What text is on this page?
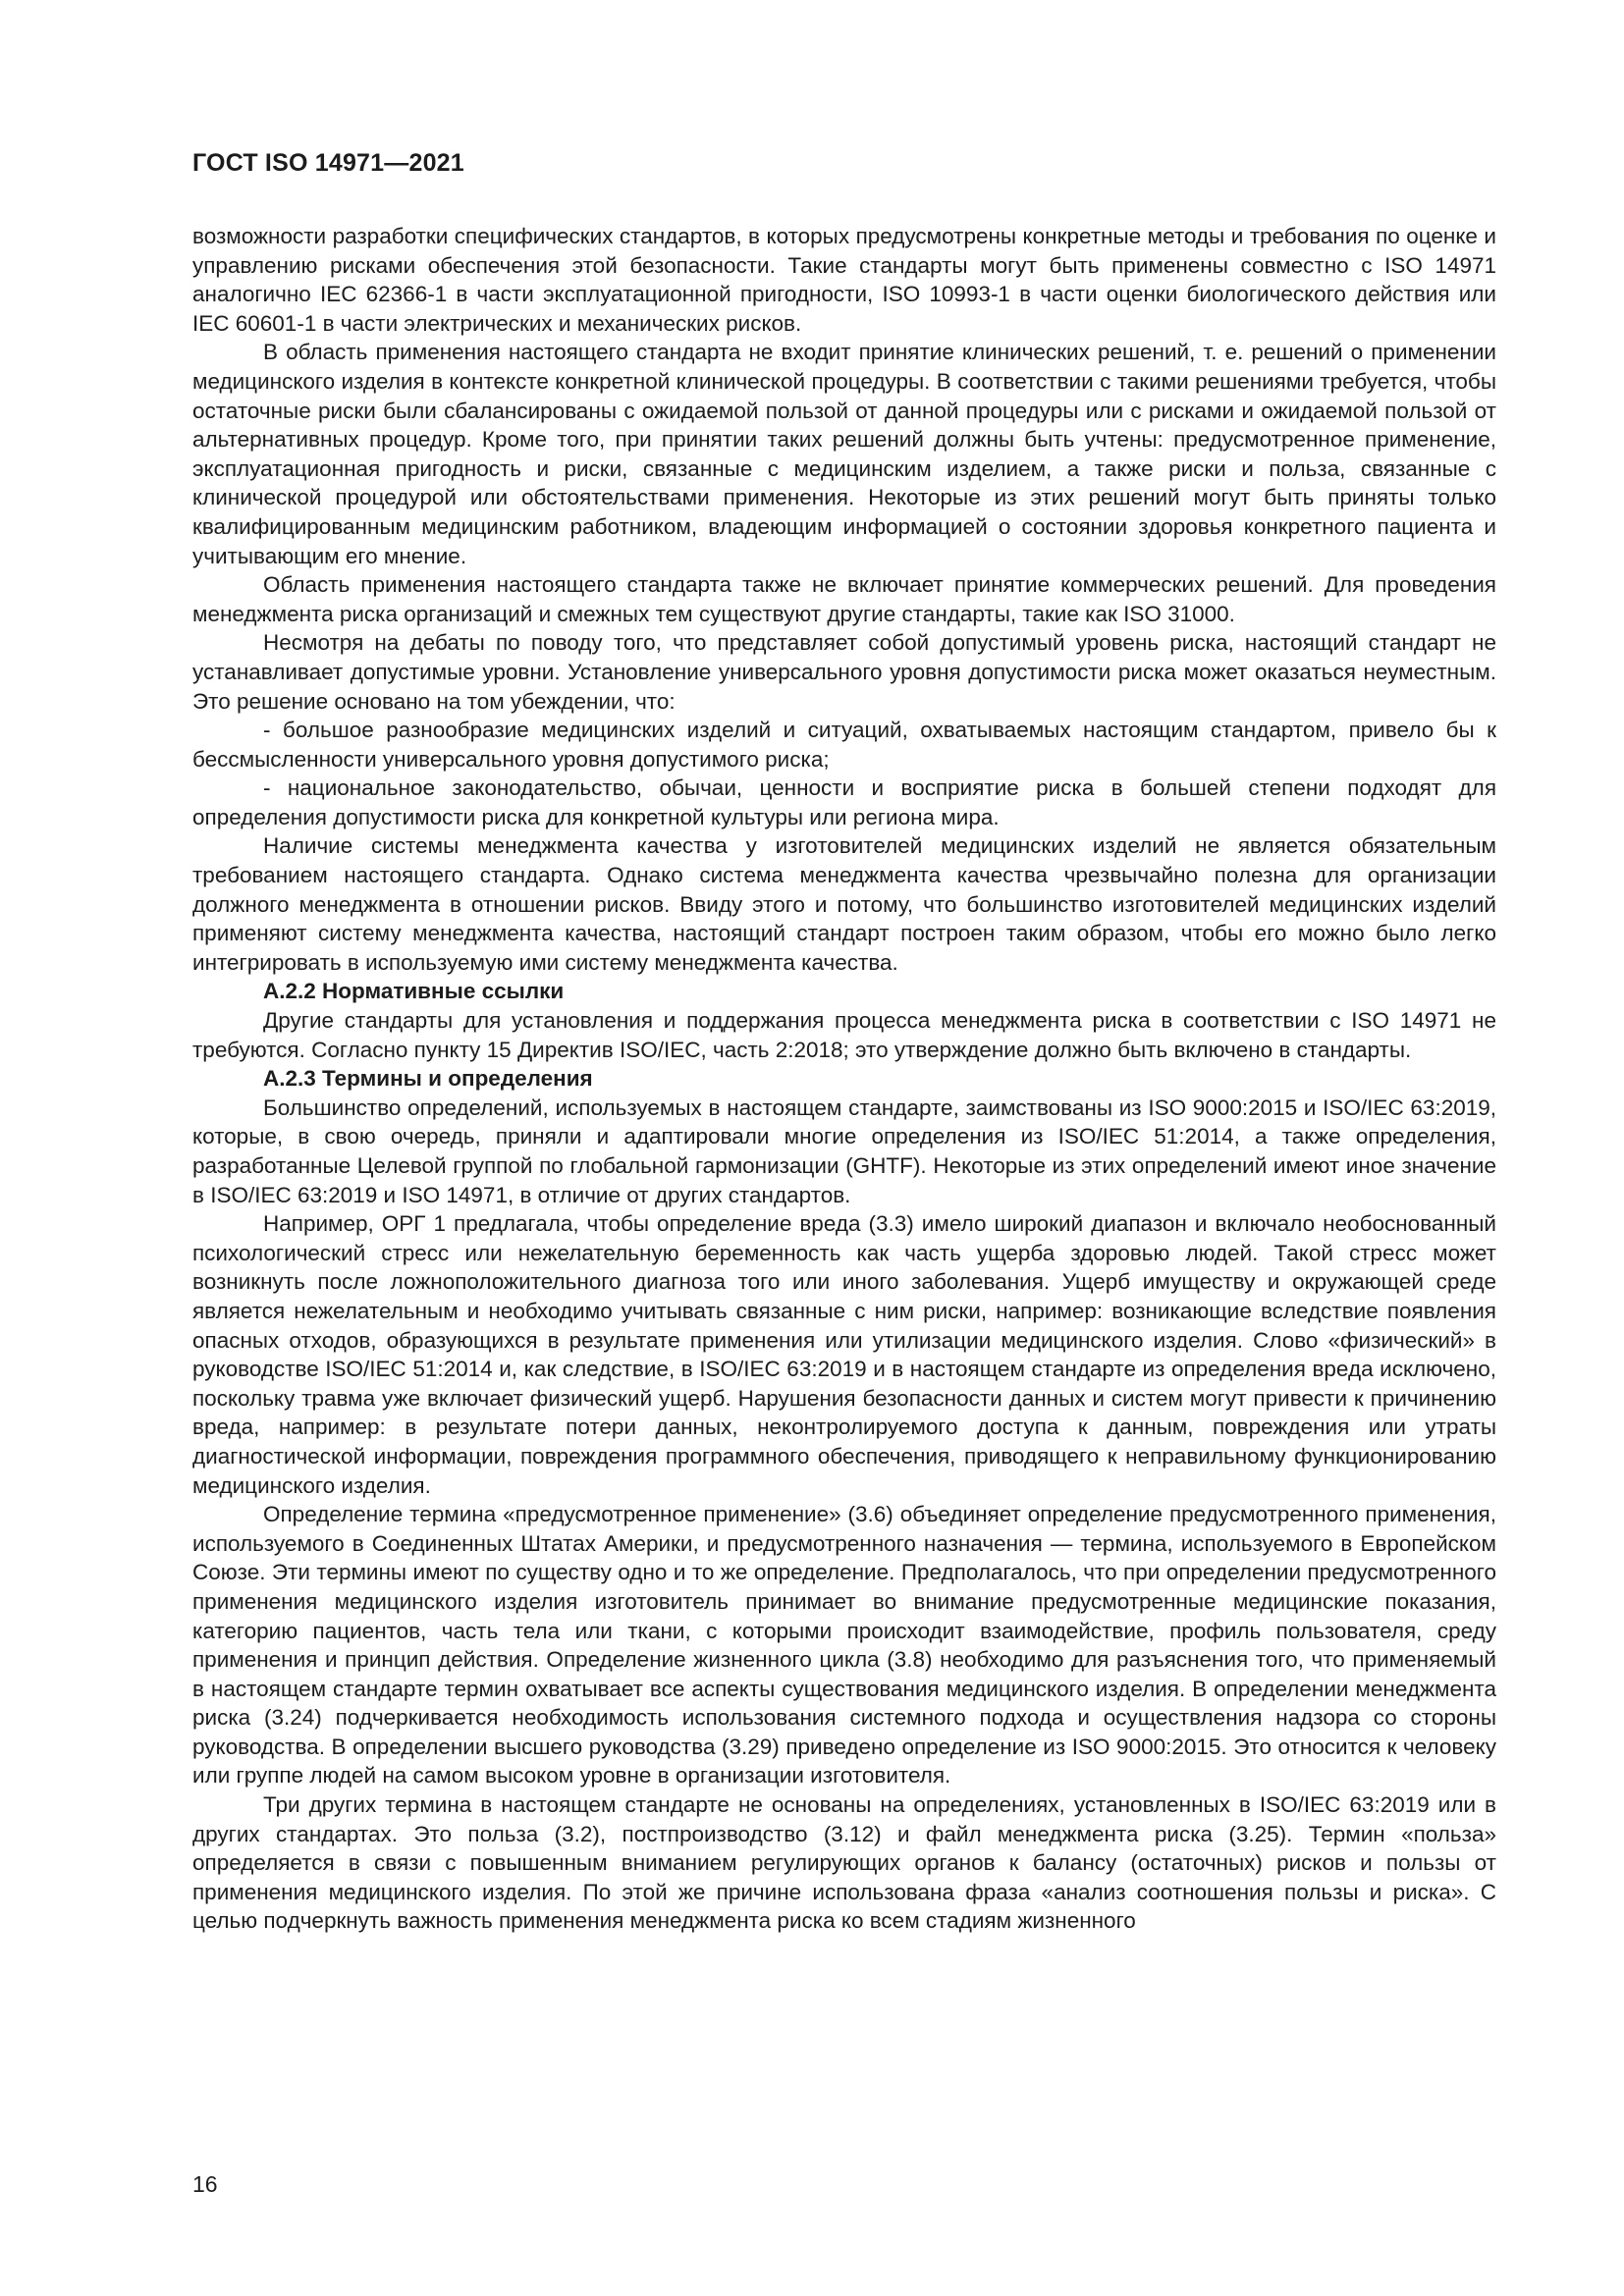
ГОСТ ISO 14971—2021

возможности разработки специфических стандартов, в которых предусмотрены конкретные методы и требования по оценке и управлению рисками обеспечения этой безопасности. Такие стандарты могут быть применены совместно с ISO 14971 аналогично IEC 62366-1 в части эксплуатационной пригодности, ISO 10993-1 в части оценки биологического действия или IEC 60601-1 в части электрических и механических рисков.

В область применения настоящего стандарта не входит принятие клинических решений, т. е. решений о применении медицинского изделия в контексте конкретной клинической процедуры. В соответствии с такими решениями требуется, чтобы остаточные риски были сбалансированы с ожидаемой пользой от данной процедуры или с рисками и ожидаемой пользой от альтернативных процедур. Кроме того, при принятии таких решений должны быть учтены: предусмотренное применение, эксплуатационная пригодность и риски, связанные с медицинским изделием, а также риски и польза, связанные с клинической процедурой или обстоятельствами применения. Некоторые из этих решений могут быть приняты только квалифицированным медицинским работником, владеющим информацией о состоянии здоровья конкретного пациента и учитывающим его мнение.

Область применения настоящего стандарта также не включает принятие коммерческих решений. Для проведения менеджмента риска организаций и смежных тем существуют другие стандарты, такие как ISO 31000.

Несмотря на дебаты по поводу того, что представляет собой допустимый уровень риска, настоящий стандарт не устанавливает допустимые уровни. Установление универсального уровня допустимости риска может оказаться неуместным. Это решение основано на том убеждении, что:

- большое разнообразие медицинских изделий и ситуаций, охватываемых настоящим стандартом, привело бы к бессмысленности универсального уровня допустимого риска;

- национальное законодательство, обычаи, ценности и восприятие риска в большей степени подходят для определения допустимости риска для конкретной культуры или региона мира.

Наличие системы менеджмента качества у изготовителей медицинских изделий не является обязательным требованием настоящего стандарта. Однако система менеджмента качества чрезвычайно полезна для организации должного менеджмента в отношении рисков. Ввиду этого и потому, что большинство изготовителей медицинских изделий применяют систему менеджмента качества, настоящий стандарт построен таким образом, чтобы его можно было легко интегрировать в используемую ими систему менеджмента качества.

А.2.2 Нормативные ссылки

Другие стандарты для установления и поддержания процесса менеджмента риска в соответствии с ISO 14971 не требуются. Согласно пункту 15 Директив ISO/IEC, часть 2:2018; это утверждение должно быть включено в стандарты.

А.2.3 Термины и определения

Большинство определений, используемых в настоящем стандарте, заимствованы из ISO 9000:2015 и ISO/IEC 63:2019, которые, в свою очередь, приняли и адаптировали многие определения из ISO/IEC 51:2014, а также определения, разработанные Целевой группой по глобальной гармонизации (GHTF). Некоторые из этих определений имеют иное значение в ISO/IEC 63:2019 и ISO 14971, в отличие от других стандартов.

Например, ОРГ 1 предлагала, чтобы определение вреда (3.3) имело широкий диапазон и включало необоснованный психологический стресс или нежелательную беременность как часть ущерба здоровью людей. Такой стресс может возникнуть после ложноположительного диагноза того или иного заболевания. Ущерб имуществу и окружающей среде является нежелательным и необходимо учитывать связанные с ним риски, например: возникающие вследствие появления опасных отходов, образующихся в результате применения или утилизации медицинского изделия. Слово «физический» в руководстве ISO/IEC 51:2014 и, как следствие, в ISO/IEC 63:2019 и в настоящем стандарте из определения вреда исключено, поскольку травма уже включает физический ущерб. Нарушения безопасности данных и систем могут привести к причинению вреда, например: в результате потери данных, неконтролируемого доступа к данным, повреждения или утраты диагностической информации, повреждения программного обеспечения, приводящего к неправильному функционированию медицинского изделия.

Определение термина «предусмотренное применение» (3.6) объединяет определение предусмотренного применения, используемого в Соединенных Штатах Америки, и предусмотренного назначения — термина, используемого в Европейском Союзе. Эти термины имеют по существу одно и то же определение. Предполагалось, что при определении предусмотренного применения медицинского изделия изготовитель принимает во внимание предусмотренные медицинские показания, категорию пациентов, часть тела или ткани, с которыми происходит взаимодействие, профиль пользователя, среду применения и принцип действия. Определение жизненного цикла (3.8) необходимо для разъяснения того, что применяемый в настоящем стандарте термин охватывает все аспекты существования медицинского изделия. В определении менеджмента риска (3.24) подчеркивается необходимость использования системного подхода и осуществления надзора со стороны руководства. В определении высшего руководства (3.29) приведено определение из ISO 9000:2015. Это относится к человеку или группе людей на самом высоком уровне в организации изготовителя.

Три других термина в настоящем стандарте не основаны на определениях, установленных в ISO/IEC 63:2019 или в других стандартах. Это польза (3.2), постпроизводство (3.12) и файл менеджмента риска (3.25). Термин «польза» определяется в связи с повышенным вниманием регулирующих органов к балансу (остаточных) рисков и пользы от применения медицинского изделия. По этой же причине использована фраза «анализ соотношения пользы и риска». С целью подчеркнуть важность применения менеджмента риска ко всем стадиям жизненного

16
